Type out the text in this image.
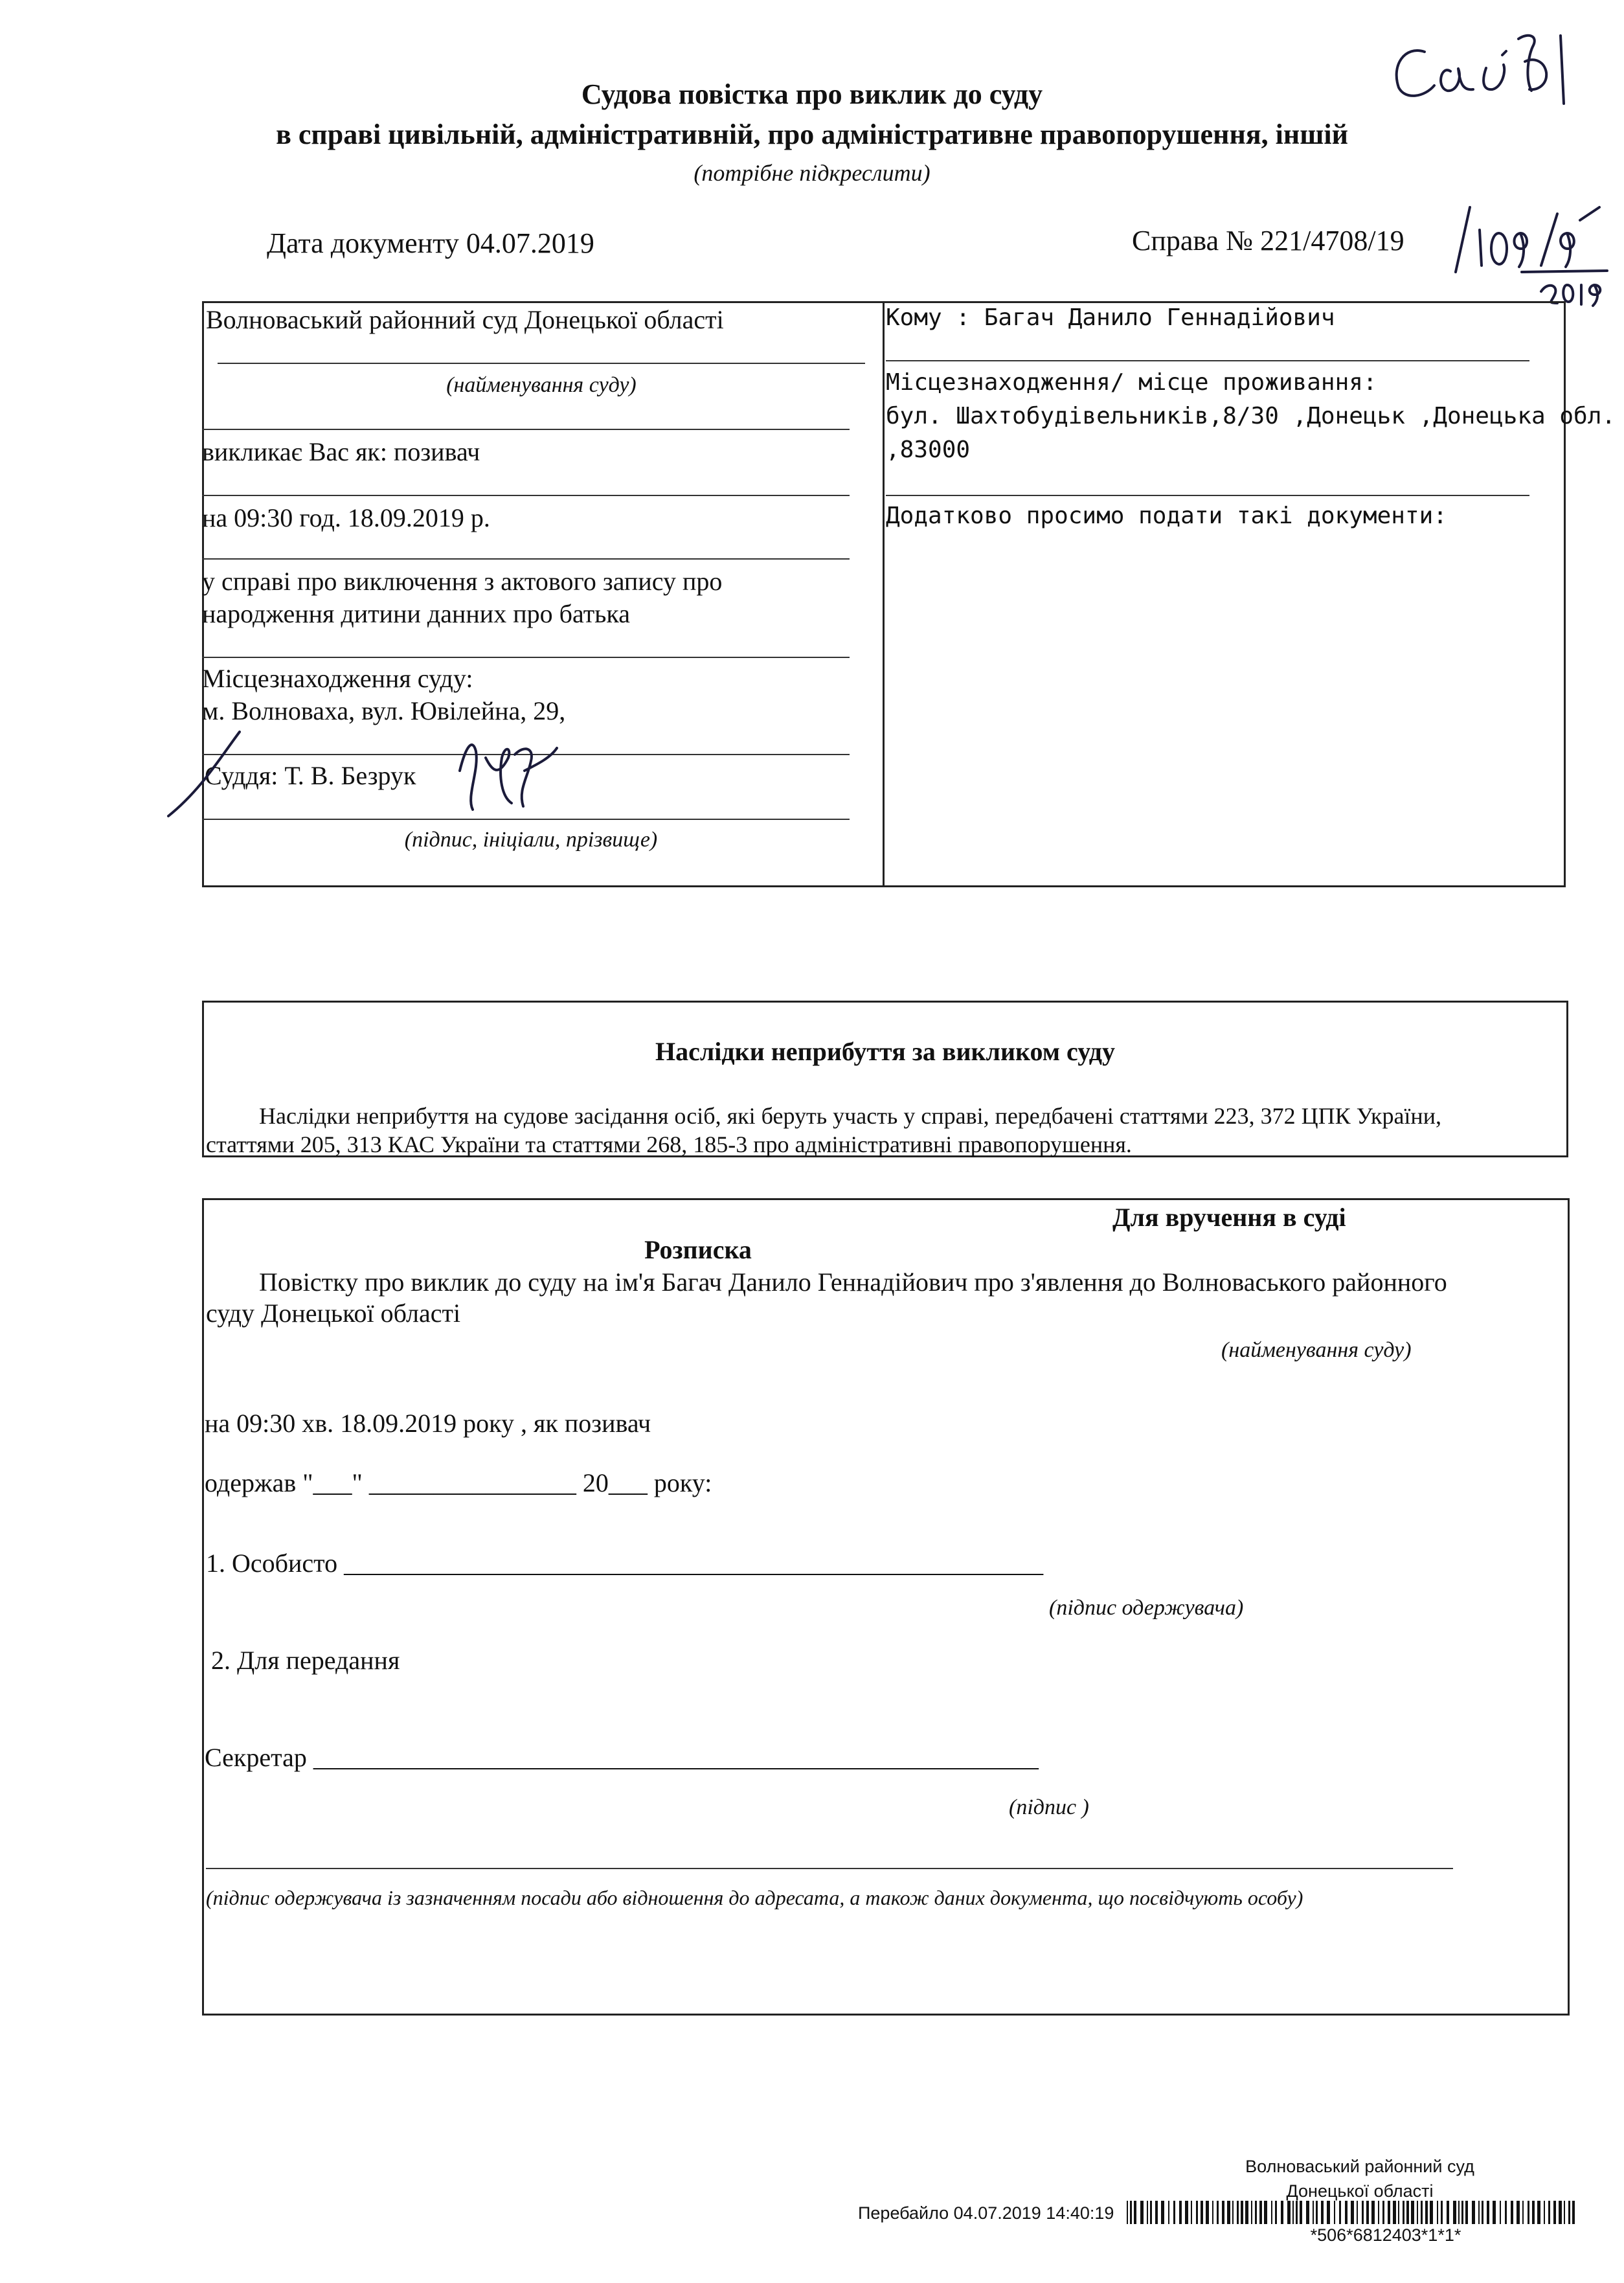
Судова повістка про виклик до суду
в справі цивільній, адміністративній, про адміністративне правопорушення, іншій
(потрібне підкреслити)
Дата документу 04.07.2019	Справа № 221/4708/19
Волноваський районний суд Донецької області
(найменування суду)
викликає Вас як: позивач
на 09:30 год. 18.09.2019 р.
у справі про виключення з актового запису про
народження дитини данних про батька
Місцезнаходження суду:
м. Волноваха, вул. Ювілейна, 29,
Суддя: Т. В. Безрук
(підпис, ініціали, прізвище)
Кому : Багач Данило Геннадійович
Місцезнаходження/ місце проживання:
бул. Шахтобудівельників,8/30 ,Донецьк ,Донецька обл.
,83000
Додатково просимо подати такі документи:
Наслідки неприбуття за викликом суду
Наслідки неприбуття на судове засідання осіб, які беруть участь у справі, передбачені статтями 223, 372 ЦПК України,
статтями 205, 313 КАС України та статтями 268, 185-3 про адміністративні правопорушення.
Для вручення в суді
Розписка
Повістку про виклик до суду на ім'я Багач Данило Геннадійович про з'явлення до Волноваського районного
суду Донецької області
(найменування суду)
на 09:30 хв. 18.09.2019 року , як позивач
одержав "___" ________________ 20___ року:
1. Особисто ______________________________________________________
(підпис одержувача)
2. Для передання
Секретар ________________________________________________________
(підпис )
(підпис одержувача із зазначенням посади або відношення до адресата, а також даних документа, що посвідчують особу)
Волноваський районний суд
Донецької області
Перебайло 04.07.2019 14:40:19
*506*6812403*1*1*
